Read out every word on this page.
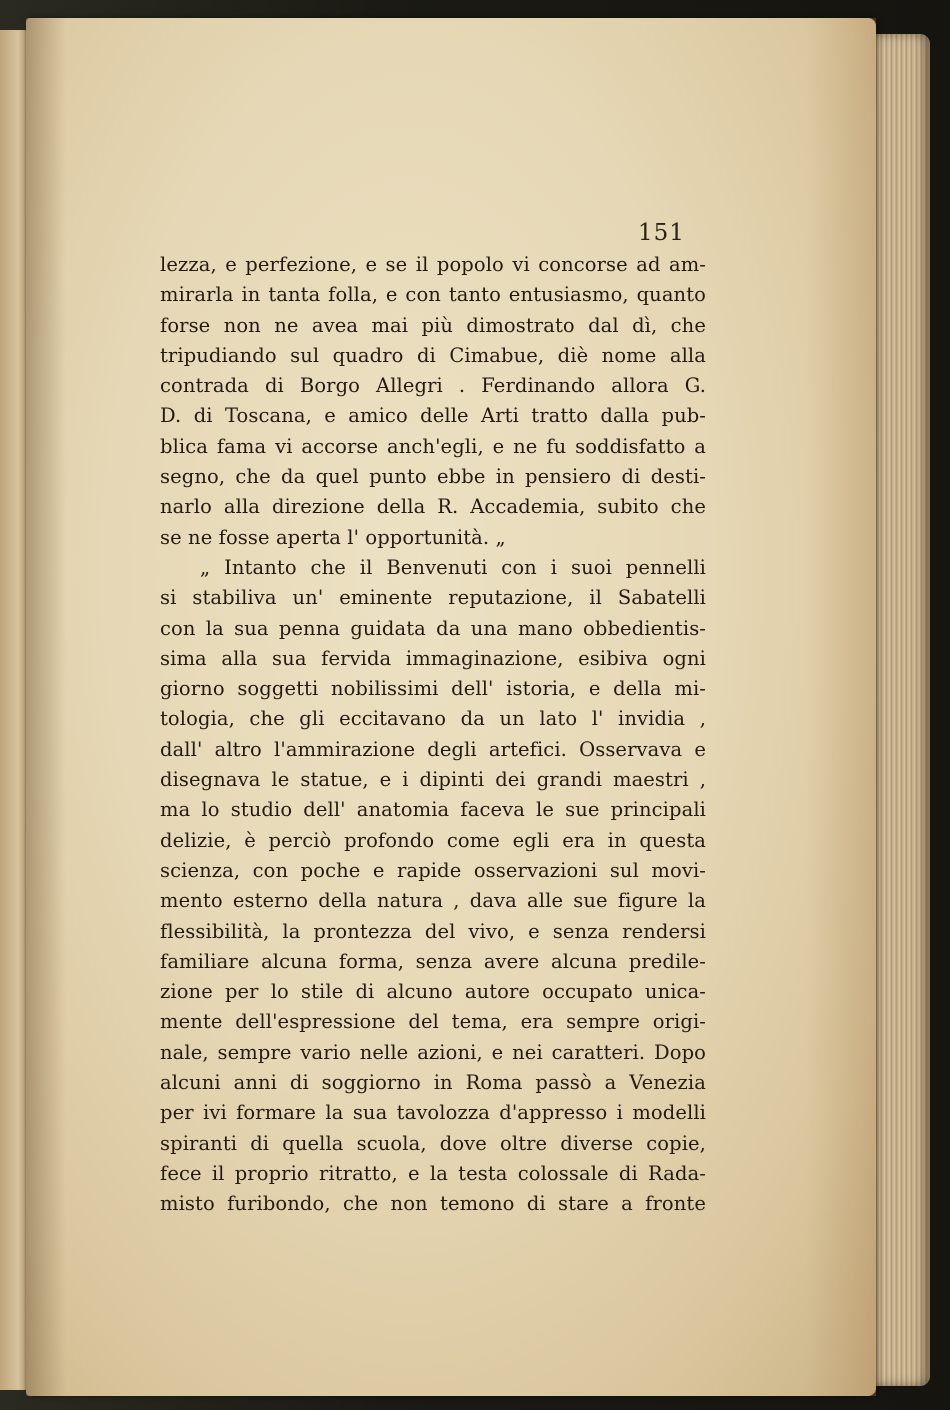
151
lezza, e perfezione, e se il popolo vi concorse ad am-
mirarla in tanta folla, e con tanto entusiasmo, quanto
forse non ne avea mai più dimostrato dal dì, che
tripudiando sul quadro di Cimabue, diè nome alla
contrada di Borgo Allegri . Ferdinando allora G.
D. di Toscana, e amico delle Arti tratto dalla pub-
blica fama vi accorse anch'egli, e ne fu soddisfatto a
segno, che da quel punto ebbe in pensiero di desti-
narlo alla direzione della R. Accademia, subito che
se ne fosse aperta l' opportunità. „
„ Intanto che il Benvenuti con i suoi pennelli
si stabiliva un' eminente reputazione, il Sabatelli
con la sua penna guidata da una mano obbedientis-
sima alla sua fervida immaginazione, esibiva ogni
giorno soggetti nobilissimi dell' istoria, e della mi-
tologia, che gli eccitavano da un lato l' invidia ,
dall' altro l'ammirazione degli artefici. Osservava e
disegnava le statue, e i dipinti dei grandi maestri ,
ma lo studio dell' anatomia faceva le sue principali
delizie, è perciò profondo come egli era in questa
scienza, con poche e rapide osservazioni sul movi-
mento esterno della natura , dava alle sue figure la
flessibilità, la prontezza del vivo, e senza rendersi
familiare alcuna forma, senza avere alcuna predile-
zione per lo stile di alcuno autore occupato unica-
mente dell'espressione del tema, era sempre origi-
nale, sempre vario nelle azioni, e nei caratteri. Dopo
alcuni anni di soggiorno in Roma passò a Venezia
per ivi formare la sua tavolozza d'appresso i modelli
spiranti di quella scuola, dove oltre diverse copie,
fece il proprio ritratto, e la testa colossale di Rada-
misto furibondo, che non temono di stare a fronte
